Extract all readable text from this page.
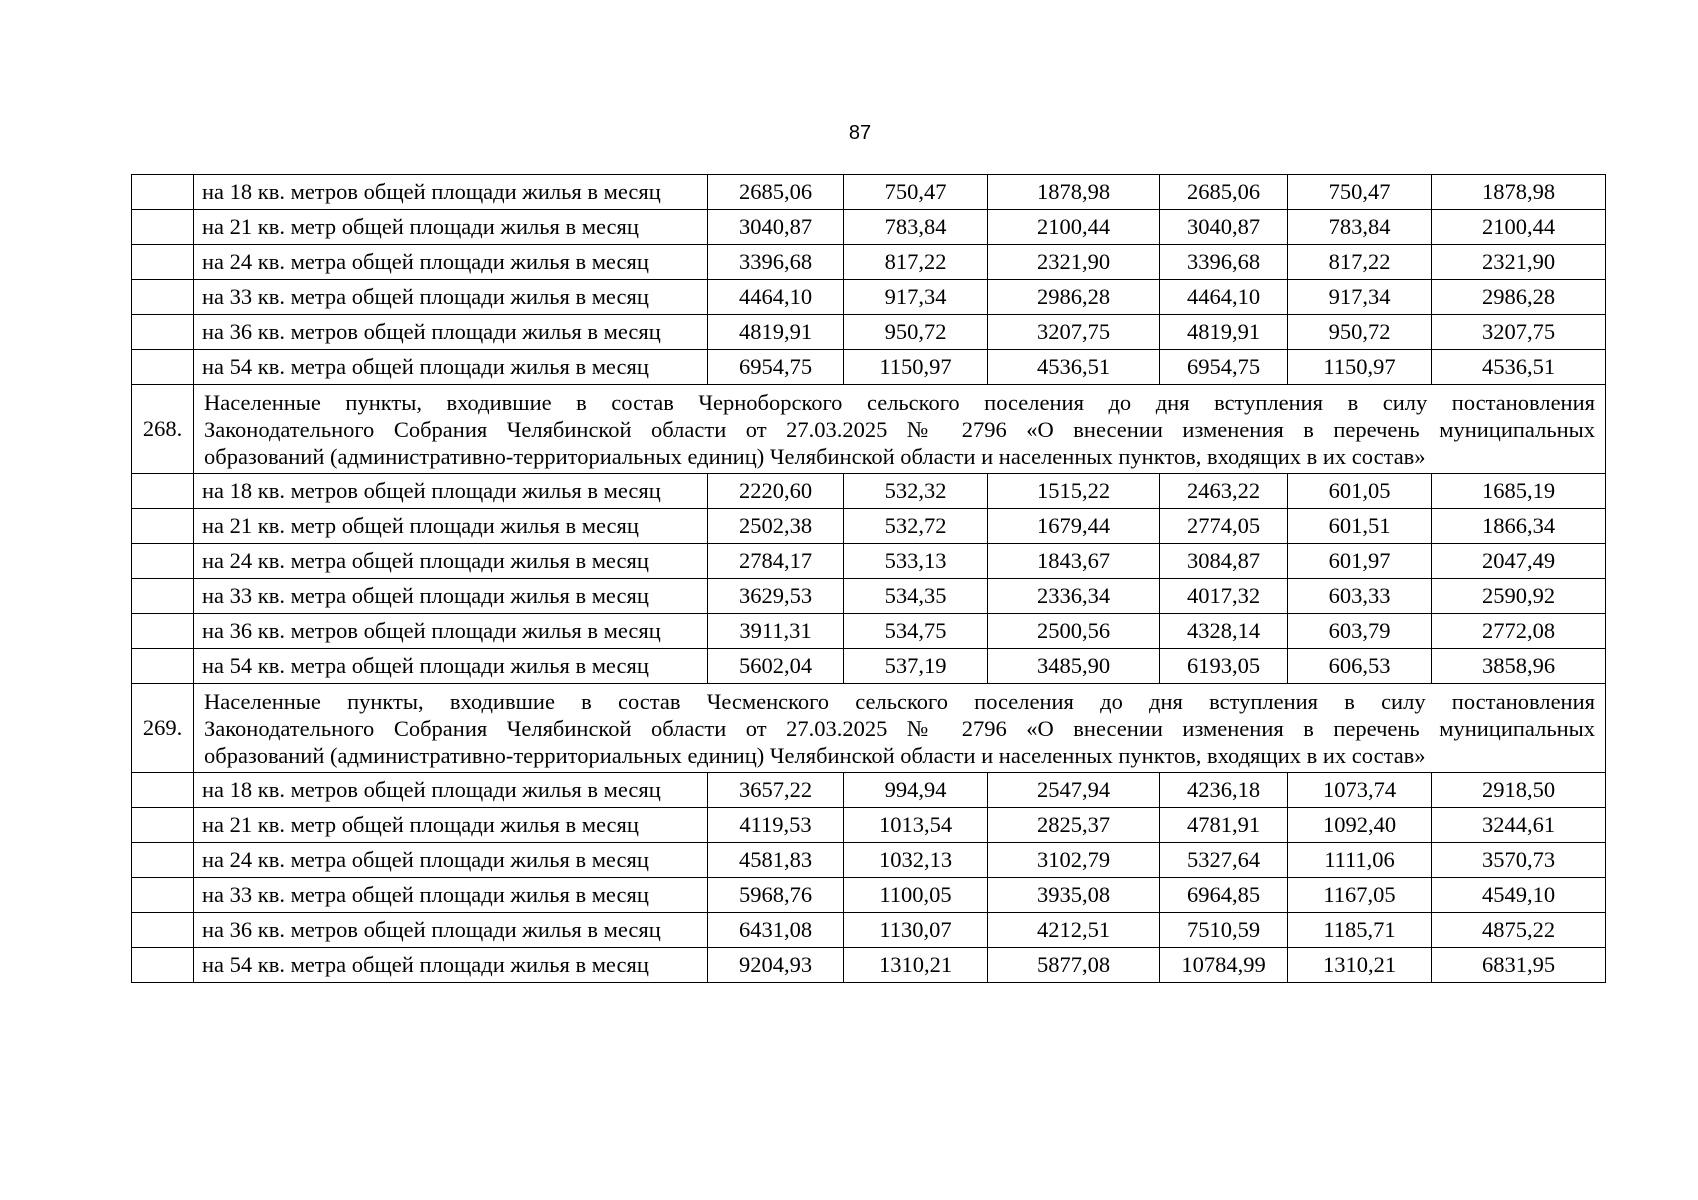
87
	на 18 кв. метров общей площади жилья в месяц	2685,06	750,47	1878,98	2685,06	750,47	1878,98
	на 21 кв. метр общей площади жилья в месяц	3040,87	783,84	2100,44	3040,87	783,84	2100,44
	на 24 кв. метра общей площади жилья в месяц	3396,68	817,22	2321,90	3396,68	817,22	2321,90
	на 33 кв. метра общей площади жилья в месяц	4464,10	917,34	2986,28	4464,10	917,34	2986,28
	на 36 кв. метров общей площади жилья в месяц	4819,91	950,72	3207,75	4819,91	950,72	3207,75
	на 54 кв. метра общей площади жилья в месяц	6954,75	1150,97	4536,51	6954,75	1150,97	4536,51
268.	Населенные пункты, входившие в состав Черноборского сельского поселения до дня вступления в силу постановления
Законодательного Собрания Челябинской области от 27.03.2025 № 2796 «О внесении изменения в перечень муниципальных
образований (административно-территориальных единиц) Челябинской области и населенных пунктов, входящих в их состав»						

	на 18 кв. метров общей площади жилья в месяц	2220,60	532,32	1515,22	2463,22	601,05	1685,19
	на 21 кв. метр общей площади жилья в месяц	2502,38	532,72	1679,44	2774,05	601,51	1866,34
	на 24 кв. метра общей площади жилья в месяц	2784,17	533,13	1843,67	3084,87	601,97	2047,49
	на 33 кв. метра общей площади жилья в месяц	3629,53	534,35	2336,34	4017,32	603,33	2590,92
	на 36 кв. метров общей площади жилья в месяц	3911,31	534,75	2500,56	4328,14	603,79	2772,08
	на 54 кв. метра общей площади жилья в месяц	5602,04	537,19	3485,90	6193,05	606,53	3858,96
269.	Населенные пункты, входившие в состав Чесменского сельского поселения до дня вступления в силу постановления
Законодательного Собрания Челябинской области от 27.03.2025 № 2796 «О внесении изменения в перечень муниципальных
образований (административно-территориальных единиц) Челябинской области и населенных пунктов, входящих в их состав»						

	на 18 кв. метров общей площади жилья в месяц	3657,22	994,94	2547,94	4236,18	1073,74	2918,50
	на 21 кв. метр общей площади жилья в месяц	4119,53	1013,54	2825,37	4781,91	1092,40	3244,61
	на 24 кв. метра общей площади жилья в месяц	4581,83	1032,13	3102,79	5327,64	1111,06	3570,73
	на 33 кв. метра общей площади жилья в месяц	5968,76	1100,05	3935,08	6964,85	1167,05	4549,10
	на 36 кв. метров общей площади жилья в месяц	6431,08	1130,07	4212,51	7510,59	1185,71	4875,22
	на 54 кв. метра общей площади жилья в месяц	9204,93	1310,21	5877,08	10784,99	1310,21	6831,95
